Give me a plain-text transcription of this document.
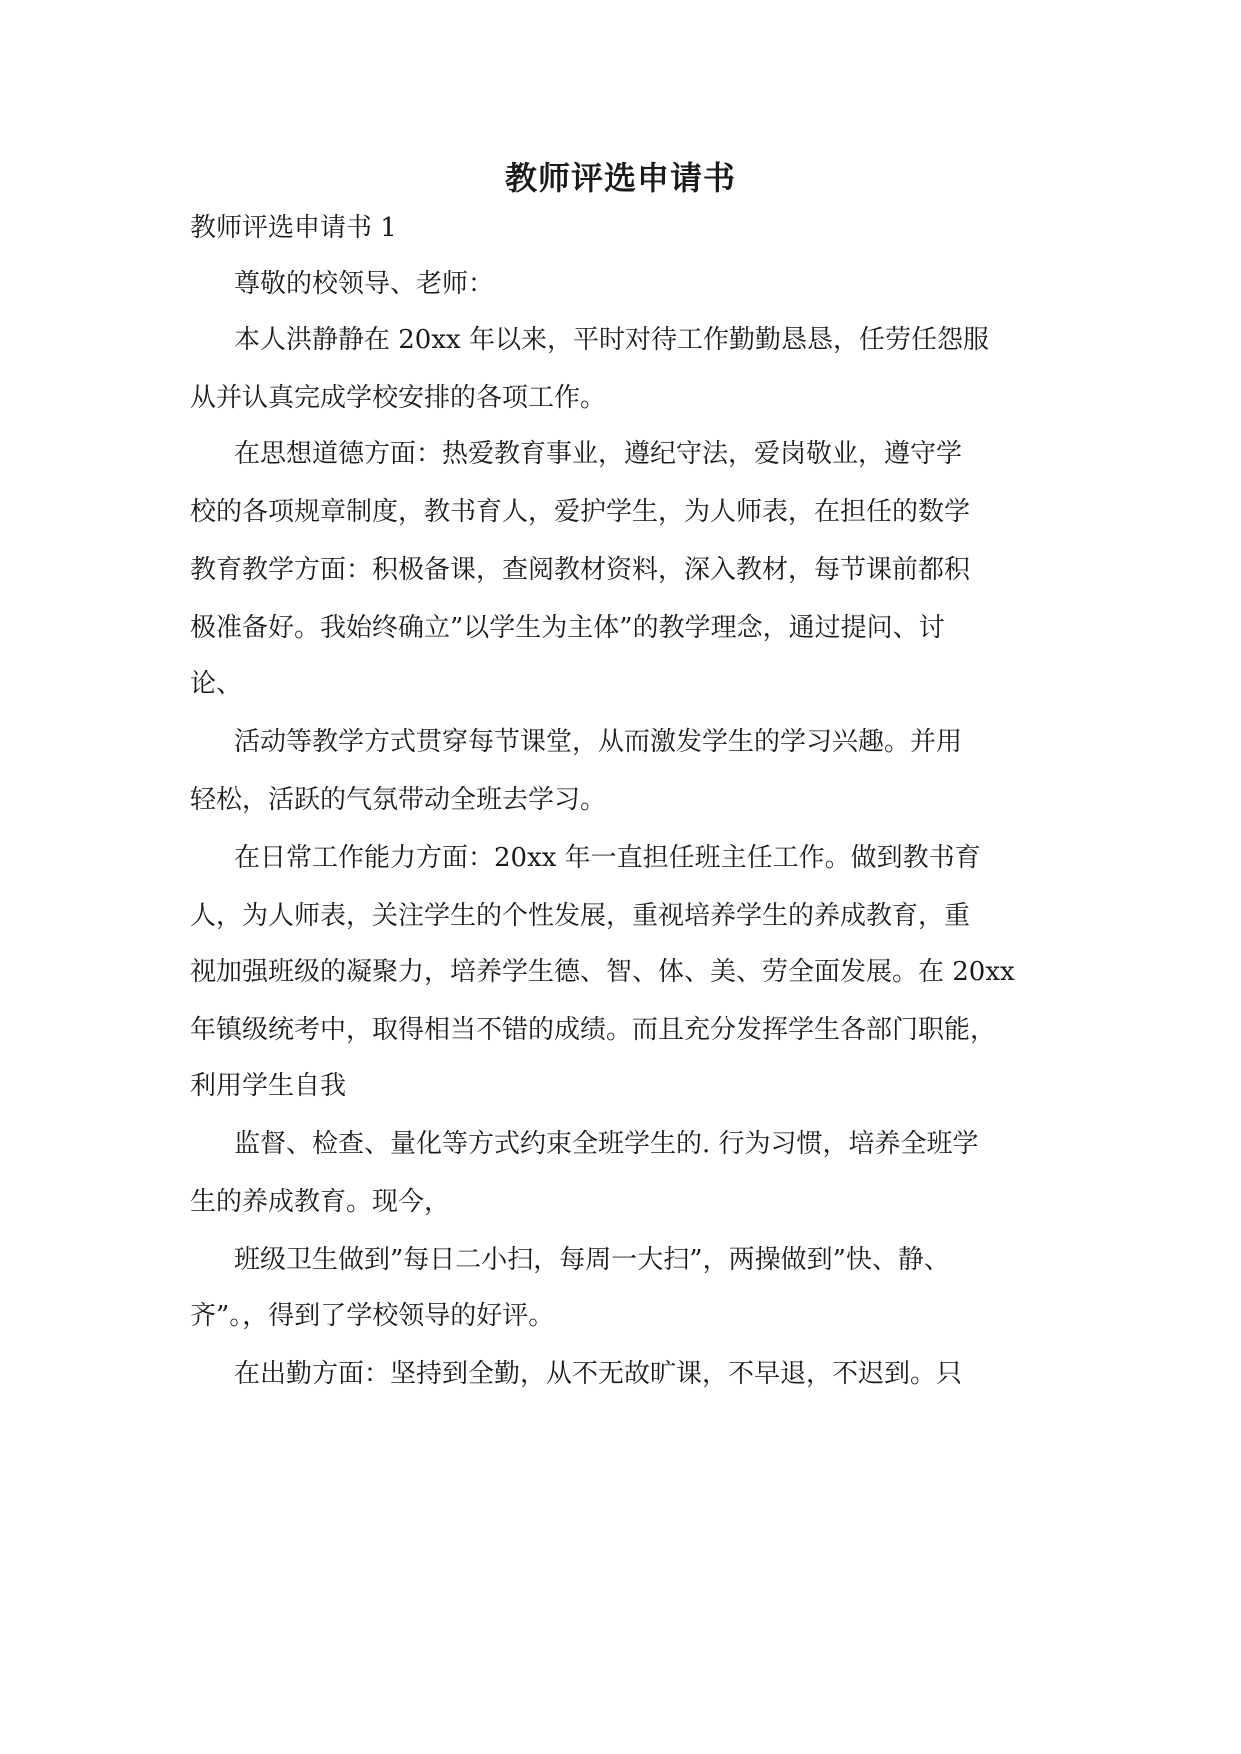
教师评选申请书

教师评选申请书 1

尊敬的校领导、老师：

本人洪静静在 20xx 年以来，平时对待工作勤勤恳恳，任劳任怨服

从并认真完成学校安排的各项工作。

在思想道德方面：热爱教育事业，遵纪守法，爱岗敬业，遵守学

校的各项规章制度，教书育人，爱护学生，为人师表，在担任的数学

教育教学方面：积极备课，查阅教材资料，深入教材，每节课前都积

极准备好。我始终确立”以学生为主体”的教学理念，通过提问、讨

论、

活动等教学方式贯穿每节课堂，从而激发学生的学习兴趣。并用

轻松，活跃的气氛带动全班去学习。

在日常工作能力方面：20xx 年一直担任班主任工作。做到教书育

人，为人师表，关注学生的个性发展，重视培养学生的养成教育，重

视加强班级的凝聚力，培养学生德、智、体、美、劳全面发展。在 20xx

年镇级统考中，取得相当不错的成绩。而且充分发挥学生各部门职能，

利用学生自我

监督、检查、量化等方式约束全班学生的. 行为习惯，培养全班学

生的养成教育。现今，

班级卫生做到”每日二小扫，每周一大扫”，两操做到”快、静、

齐”。，得到了学校领导的好评。

在出勤方面：坚持到全勤，从不无故旷课，不早退，不迟到。只
